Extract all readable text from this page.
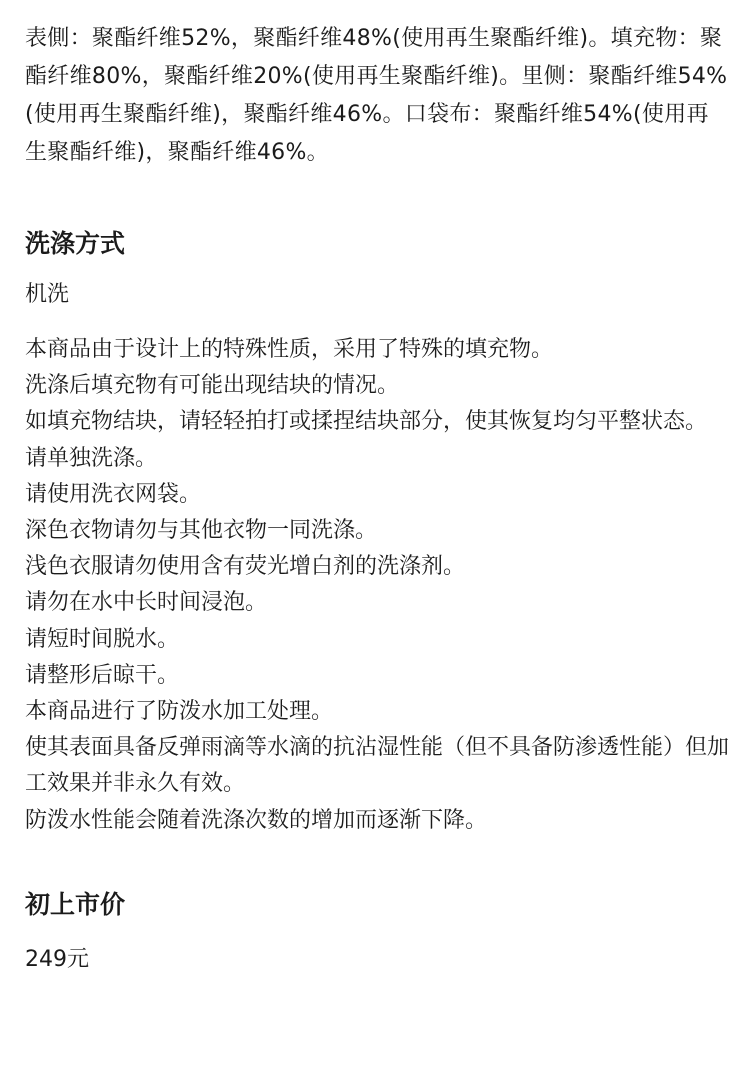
表側：聚酯纤维52%，聚酯纤维48%(使用再生聚酯纤维)。填充物：聚酯纤维80%，聚酯纤维20%(使用再生聚酯纤维)。里侧：聚酯纤维54%(使用再生聚酯纤维)，聚酯纤维46%。口袋布：聚酯纤维54%(使用再生聚酯纤维)，聚酯纤维46%。

洗涤方式

机洗

本商品由于设计上的特殊性质，采用了特殊的填充物。
洗涤后填充物有可能出现结块的情况。
如填充物结块，请轻轻拍打或揉捏结块部分，使其恢复均匀平整状态。
请单独洗涤。
请使用洗衣网袋。
深色衣物请勿与其他衣物一同洗涤。
浅色衣服请勿使用含有荧光增白剂的洗涤剂。
请勿在水中长时间浸泡。
请短时间脱水。
请整形后晾干。
本商品进行了防泼水加工处理。
使其表面具备反弹雨滴等水滴的抗沾湿性能（但不具备防渗透性能）但加工效果并非永久有效。
防泼水性能会随着洗涤次数的增加而逐渐下降。
初上市价

249元
